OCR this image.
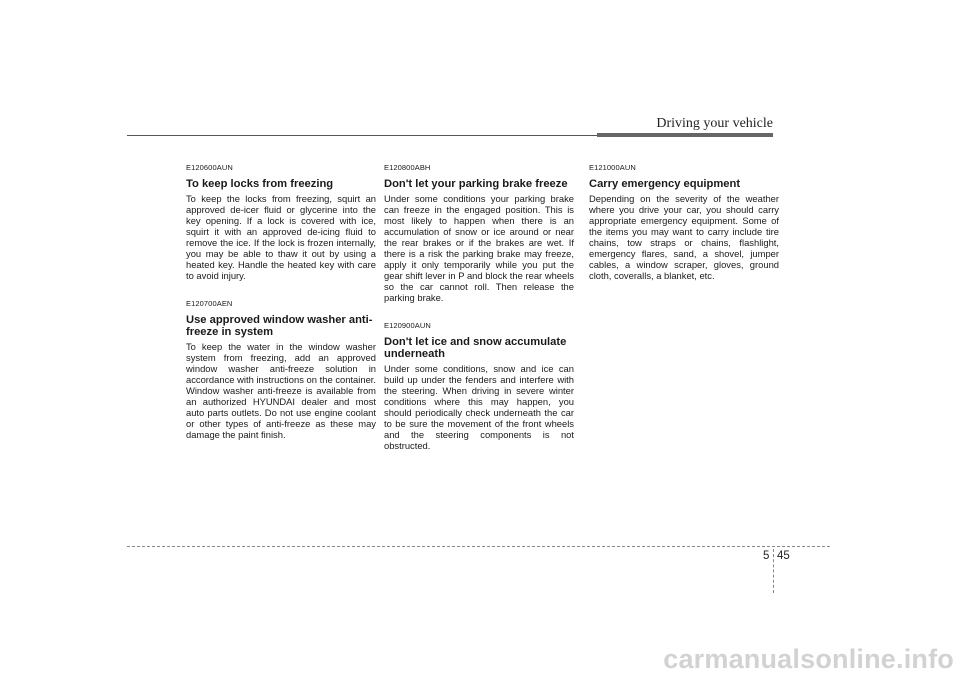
Driving your vehicle

E120600AUN

To keep locks from freezing

To keep the locks from freezing, squirt an approved de-icer fluid or glycerine into the key opening. If a lock is covered with ice, squirt it with an approved de-icing fluid to remove the ice. If the lock is frozen internally, you may be able to thaw it out by using a heated key. Handle the heated key with care to avoid injury.

E120700AEN

Use approved window washer anti-freeze in system

To keep the water in the window washer system from freezing, add an approved window washer anti-freeze solution in accordance with instructions on the container. Window washer anti-freeze is available from an authorized HYUNDAI dealer and most auto parts outlets. Do not use engine coolant or other types of anti-freeze as these may damage the paint finish.

E120800ABH

Don't let your parking brake freeze

Under some conditions your parking brake can freeze in the engaged position. This is most likely to happen when there is an accumulation of snow or ice around or near the rear brakes or if the brakes are wet. If there is a risk the parking brake may freeze, apply it only temporarily while you put the gear shift lever in P and block the rear wheels so the car cannot roll. Then release the parking brake.

E120900AUN

Don't let ice and snow accumulate underneath

Under some conditions, snow and ice can build up under the fenders and interfere with the steering. When driving in severe winter conditions where this may happen, you should periodically check underneath the car to be sure the movement of the front wheels and the steering components is not obstructed.

E121000AUN

Carry emergency equipment

Depending on the severity of the weather where you drive your car, you should carry appropriate emergency equipment. Some of the items you may want to carry include tire chains, tow straps or chains, flashlight, emergency flares, sand, a shovel, jumper cables, a window scraper, gloves, ground cloth, coveralls, a blanket, etc.

5 45
carmanualsonline.info
